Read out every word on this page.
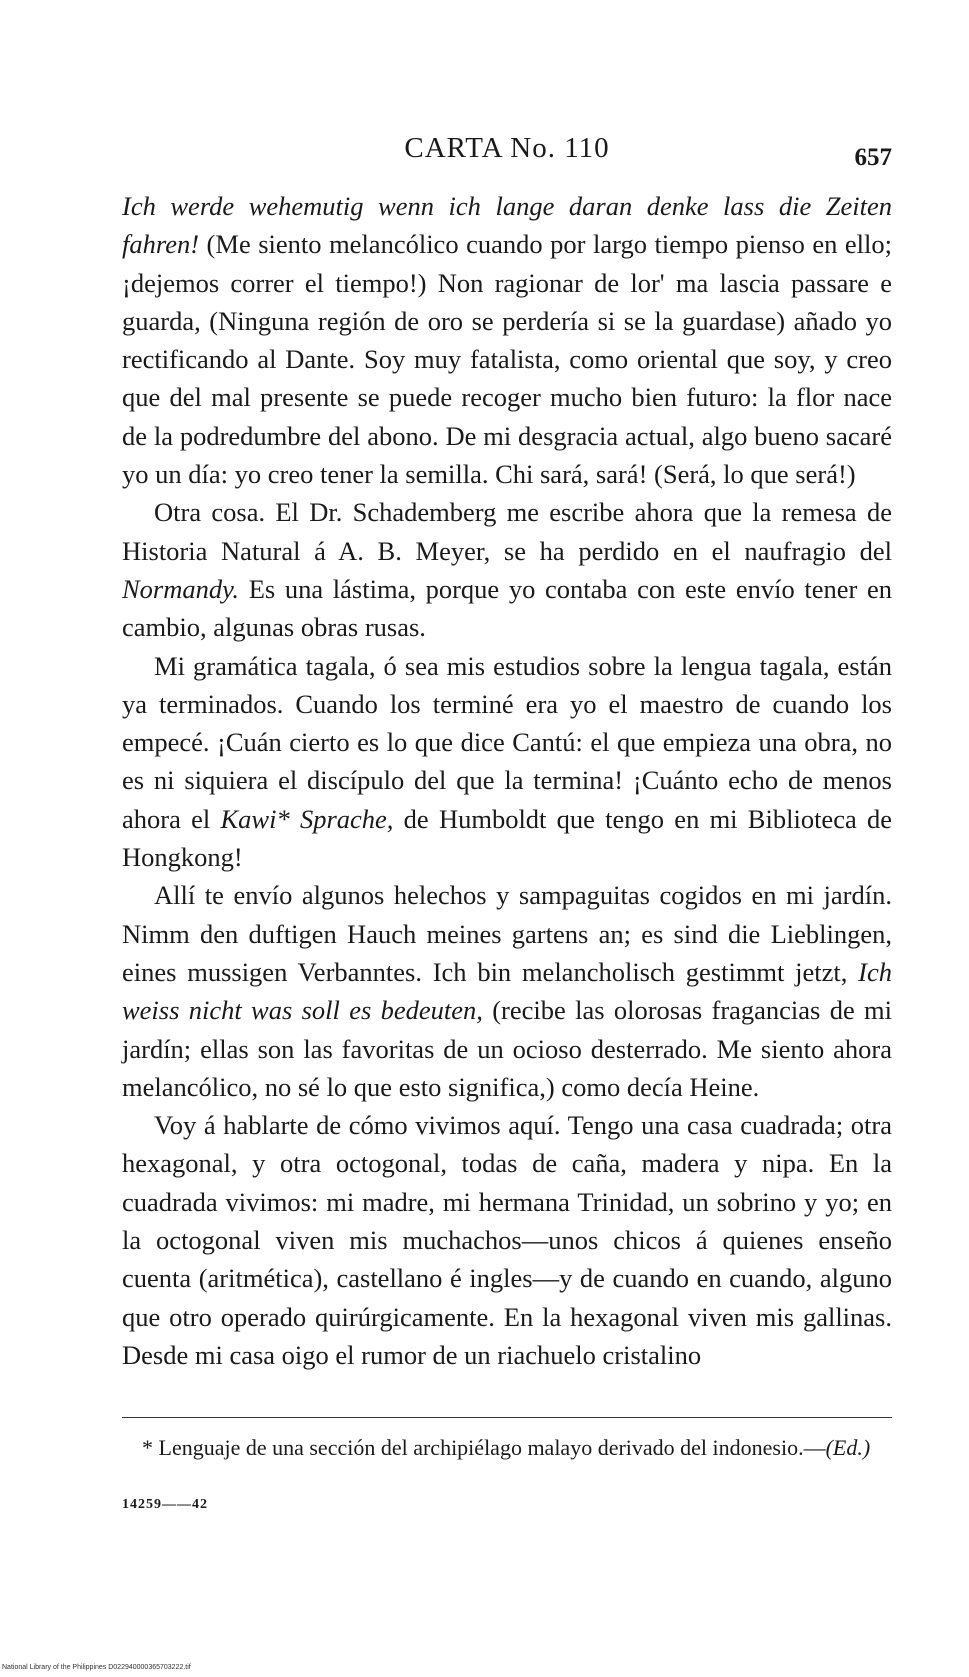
CARTA No. 110	657

Ich werde wehemutig wenn ich lange daran denke lass die Zeiten fahren! (Me siento melancólico cuando por largo tiempo pienso en ello; ¡dejemos correr el tiempo!) Non ragionar de lor' ma lascia passare e guarda, (Ninguna región de oro se perdería si se la guardase) añado yo rectificando al Dante. Soy muy fatalista, como oriental que soy, y creo que del mal presente se puede recoger mucho bien futuro: la flor nace de la podredumbre del abono. De mi desgracia actual, algo bueno sacaré yo un día: yo creo tener la semilla. Chi sará, sará! (Será, lo que será!)

Otra cosa. El Dr. Schademberg me escribe ahora que la remesa de Historia Natural á A. B. Meyer, se ha perdido en el naufragio del Normandy. Es una lástima, porque yo contaba con este envío tener en cambio, algunas obras rusas.

Mi gramática tagala, ó sea mis estudios sobre la lengua tagala, están ya terminados. Cuando los terminé era yo el maestro de cuando los empecé. ¡Cuán cierto es lo que dice Cantú: el que empieza una obra, no es ni siquiera el discípulo del que la termina! ¡Cuánto echo de menos ahora el Kawi* Sprache, de Humboldt que tengo en mi Biblioteca de Hongkong!

Allí te envío algunos helechos y sampaguitas cogidos en mi jardín. Nimm den duftigen Hauch meines gartens an; es sind die Lieblingen, eines mussigen Verbanntes. Ich bin melancholisch gestimmt jetzt, Ich weiss nicht was soll es bedeuten, (recibe las olorosas fragancias de mi jardín; ellas son las favoritas de un ocioso desterrado. Me siento ahora melancólico, no sé lo que esto significa,) como decía Heine.

Voy á hablarte de cómo vivimos aquí. Tengo una casa cuadrada; otra hexagonal, y otra octogonal, todas de caña, madera y nipa. En la cuadrada vivimos: mi madre, mi hermana Trinidad, un sobrino y yo; en la octogonal viven mis muchachos—unos chicos á quienes enseño cuenta (aritmética), castellano é ingles—y de cuando en cuando, alguno que otro operado quirúrgicamente. En la hexagonal viven mis gallinas. Desde mi casa oigo el rumor de un riachuelo cristalino

* Lenguaje de una sección del archipiélago malayo derivado del indonesio.—(Ed.)
14259——42
National Library of the Philippines D022940000365703222.tif
